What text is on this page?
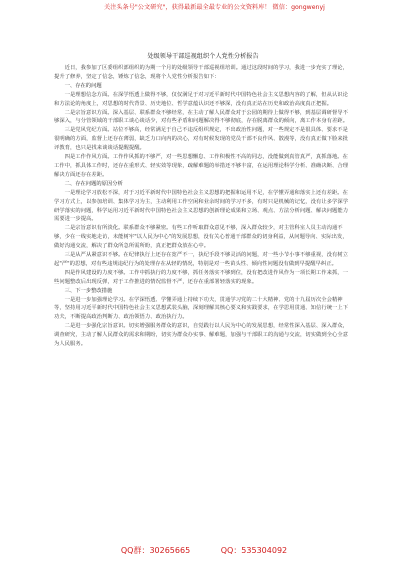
关注头条号"公文研究"，获得最新最全最专业的公文资料库！ 微信：gongwenyj

处级领导干部巡视组织个人党性分析报告

近日，我参加了区委组织部组织的为期一个月的处级领导干部巡视组培训。通过这段时间的学习，我进一步充实了理论，提升了修养，坚定了信念，锤炼了信念，现将个人党性分析报告如下：

一、存在的问题

一是理想信念方面。在深学悟透上做得不够，仅仅满足于对习近平新时代中国特色社会主义思想内容的了解，但从认识论和方法论的角度上，对思想的时代背景、历史地位、哲学意蕴认识还不够深，没有真正站在历史和政治高度真正把握。

二是宗旨意识方面。深入基层、联系群众不够经常，在主动了解人民群众对于公园的期待上做得不够，到基层调研督导不够深入，与分管领域的干部职工谈心谈话少，对有些矛盾和问题解决得不够彻底，存在脱离群众的倾向，离工作本身有差距。

三是党风党纪方面。站位不够高，经常满足于自己不违反组织规定，不出政治性问题，对一些规定不是很具体、要求不是很明确的方面，监督上还存在薄弱，缺乏力口向内的决心，对有时候发现的党员干部不良作风、散漫等，没有真正做下脸来批评教育，也只是找来谈谈话提醒提醒。

四是工作作风方面。工作作风抓的不够严，对一些思想懈怠、工作积极性不高的同志，没能做到真管真严，真抓落地。在工作中，抓具体工作时，还存在重形式、轻实效等现象，疏解难题的举措还不够丰富，在运用理论科学分析、准确决断、合理解决方面还存在差距。

二、存在问题的原因分析

一是理论学习放松不深，对于习近平新时代中国特色社会主义思想的把握和运用不足，在学懂弄通和落实上还有差距。在学习方式上，以参加培训、集体学习为主，主动利用工作空闲和业余时间的学习不多，有时只是机械的记忆，没有让多学深学研学落实的问题，科学运用习近平新时代中国特色社会主义思想的创新理论成果和立场、观点、方法分析问题、解决问题能力需要进一步提高。

二是宗旨意识有所淡化。联系群众不够紧密。有些工作听取群众意见不够，深入群众较少，对主管科室人员主动沟通不够，少在一线实地走访，未能树牢"以人民为中心"的发展思想，没有关心普通干部群众的切身利益，从问题导向、实际出发，做好沟通交流，解决了群众所急所需所盼，真正把群众放在心中。

三是从严从紧意识不够。在纪律执行上还存在宽严不一，执纪手段不够灵活的问题，对一些小节小事不够重视，没有树立起"严"的思想，对有些违规违纪行为的处理存在从轻的情况，特别是对一些苗头性、倾向性问题没有做到早提醒早纠正。

四是作风建设的力度不够。工作中抓执行的力度不够，抓任务落实不够到位，没有把改进作风作为一项长期工作来抓，一些问题整改后出现反弹，对于工作推进的情况监督不严，还存在重部署轻落实的现象。

三、下一步整改措施

一是进一步加强理论学习。在学深悟透、学懂弄通上持续下功夫，贯通学习党的二十大精神、党的十九届历次全会精神等，坚持用习近平新时代中国特色社会主义思想武装头脑，深刻理解其核心要义和实践要求，在学思用贯通、知信行统一上下功夫，不断提高政治判断力、政治领悟力、政治执行力。

二是进一步强化宗旨意识。切实增强服务群众的意识，自觉践行以人民为中心的发展思想，经常性深入基层、深入群众，调查研究，主动了解人民群众的需求和期盼，切实为群众办实事、解难题，加强与干部职工的沟通与交流，切实做到全心全意为人民服务。

QQ群：30265665	QQ：535304092
